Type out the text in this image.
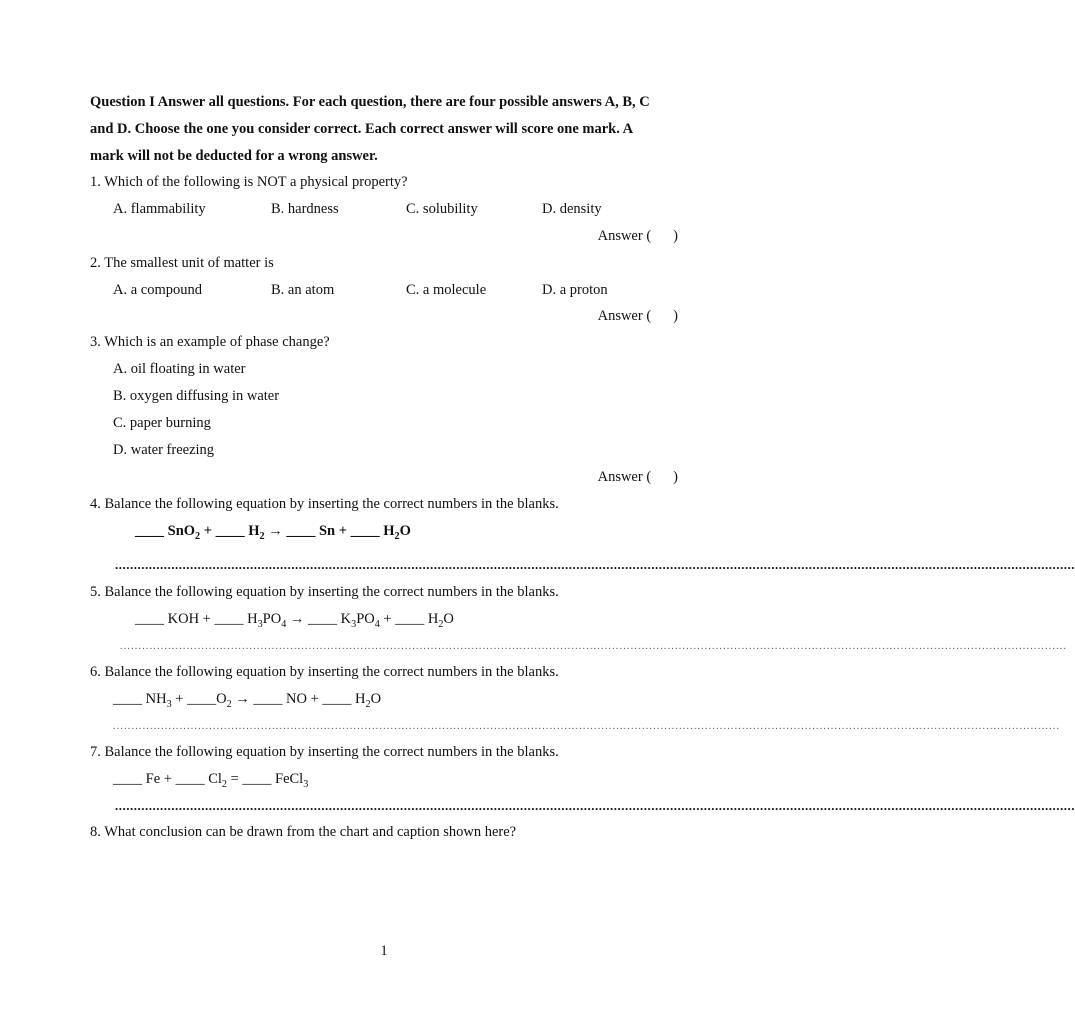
Question I Answer all questions. For each question, there are four possible answers A, B, C
and D. Choose the one you consider correct. Each correct answer will score one mark. A
mark will not be deducted for a wrong answer.
1. Which of the following is NOT a physical property?
A. flammability	B. hardness	C. solubility	D. density
Answer ( )
2. The smallest unit of matter is
A. a compound	B. an atom	C. a molecule	D. a proton
Answer ( )
3. Which is an example of phase change?
A. oil floating in water
B. oxygen diffusing in water
C. paper burning
D. water freezing
Answer ( )
4. Balance the following equation by inserting the correct numbers in the blanks.
____ SnO$_2$ + ____ $H_2$ → ____ Sn + ____ $H_2O$
................................................................................................................................................................................................................................................................
5. Balance the following equation by inserting the correct numbers in the blanks.
____ KOH + ____ $H_3PO_4$ → ____ $K_3PO_4$ + ____ $H_2O$
................................................................................................................................................................................................................................................................
6. Balance the following equation by inserting the correct numbers in the blanks.
____ $NH_3$ + $\_\_\_\_O_2$ → ____ NO + ____ $H_2O$
................................................................................................................................................................................................................................................................
7. Balance the following equation by inserting the correct numbers in the blanks.
____ Fe + ____ $Cl_2$ = ____ FeCl$_3$
................................................................................................................................................................................................................................................................
8. What conclusion can be drawn from the chart and caption shown here?
1
